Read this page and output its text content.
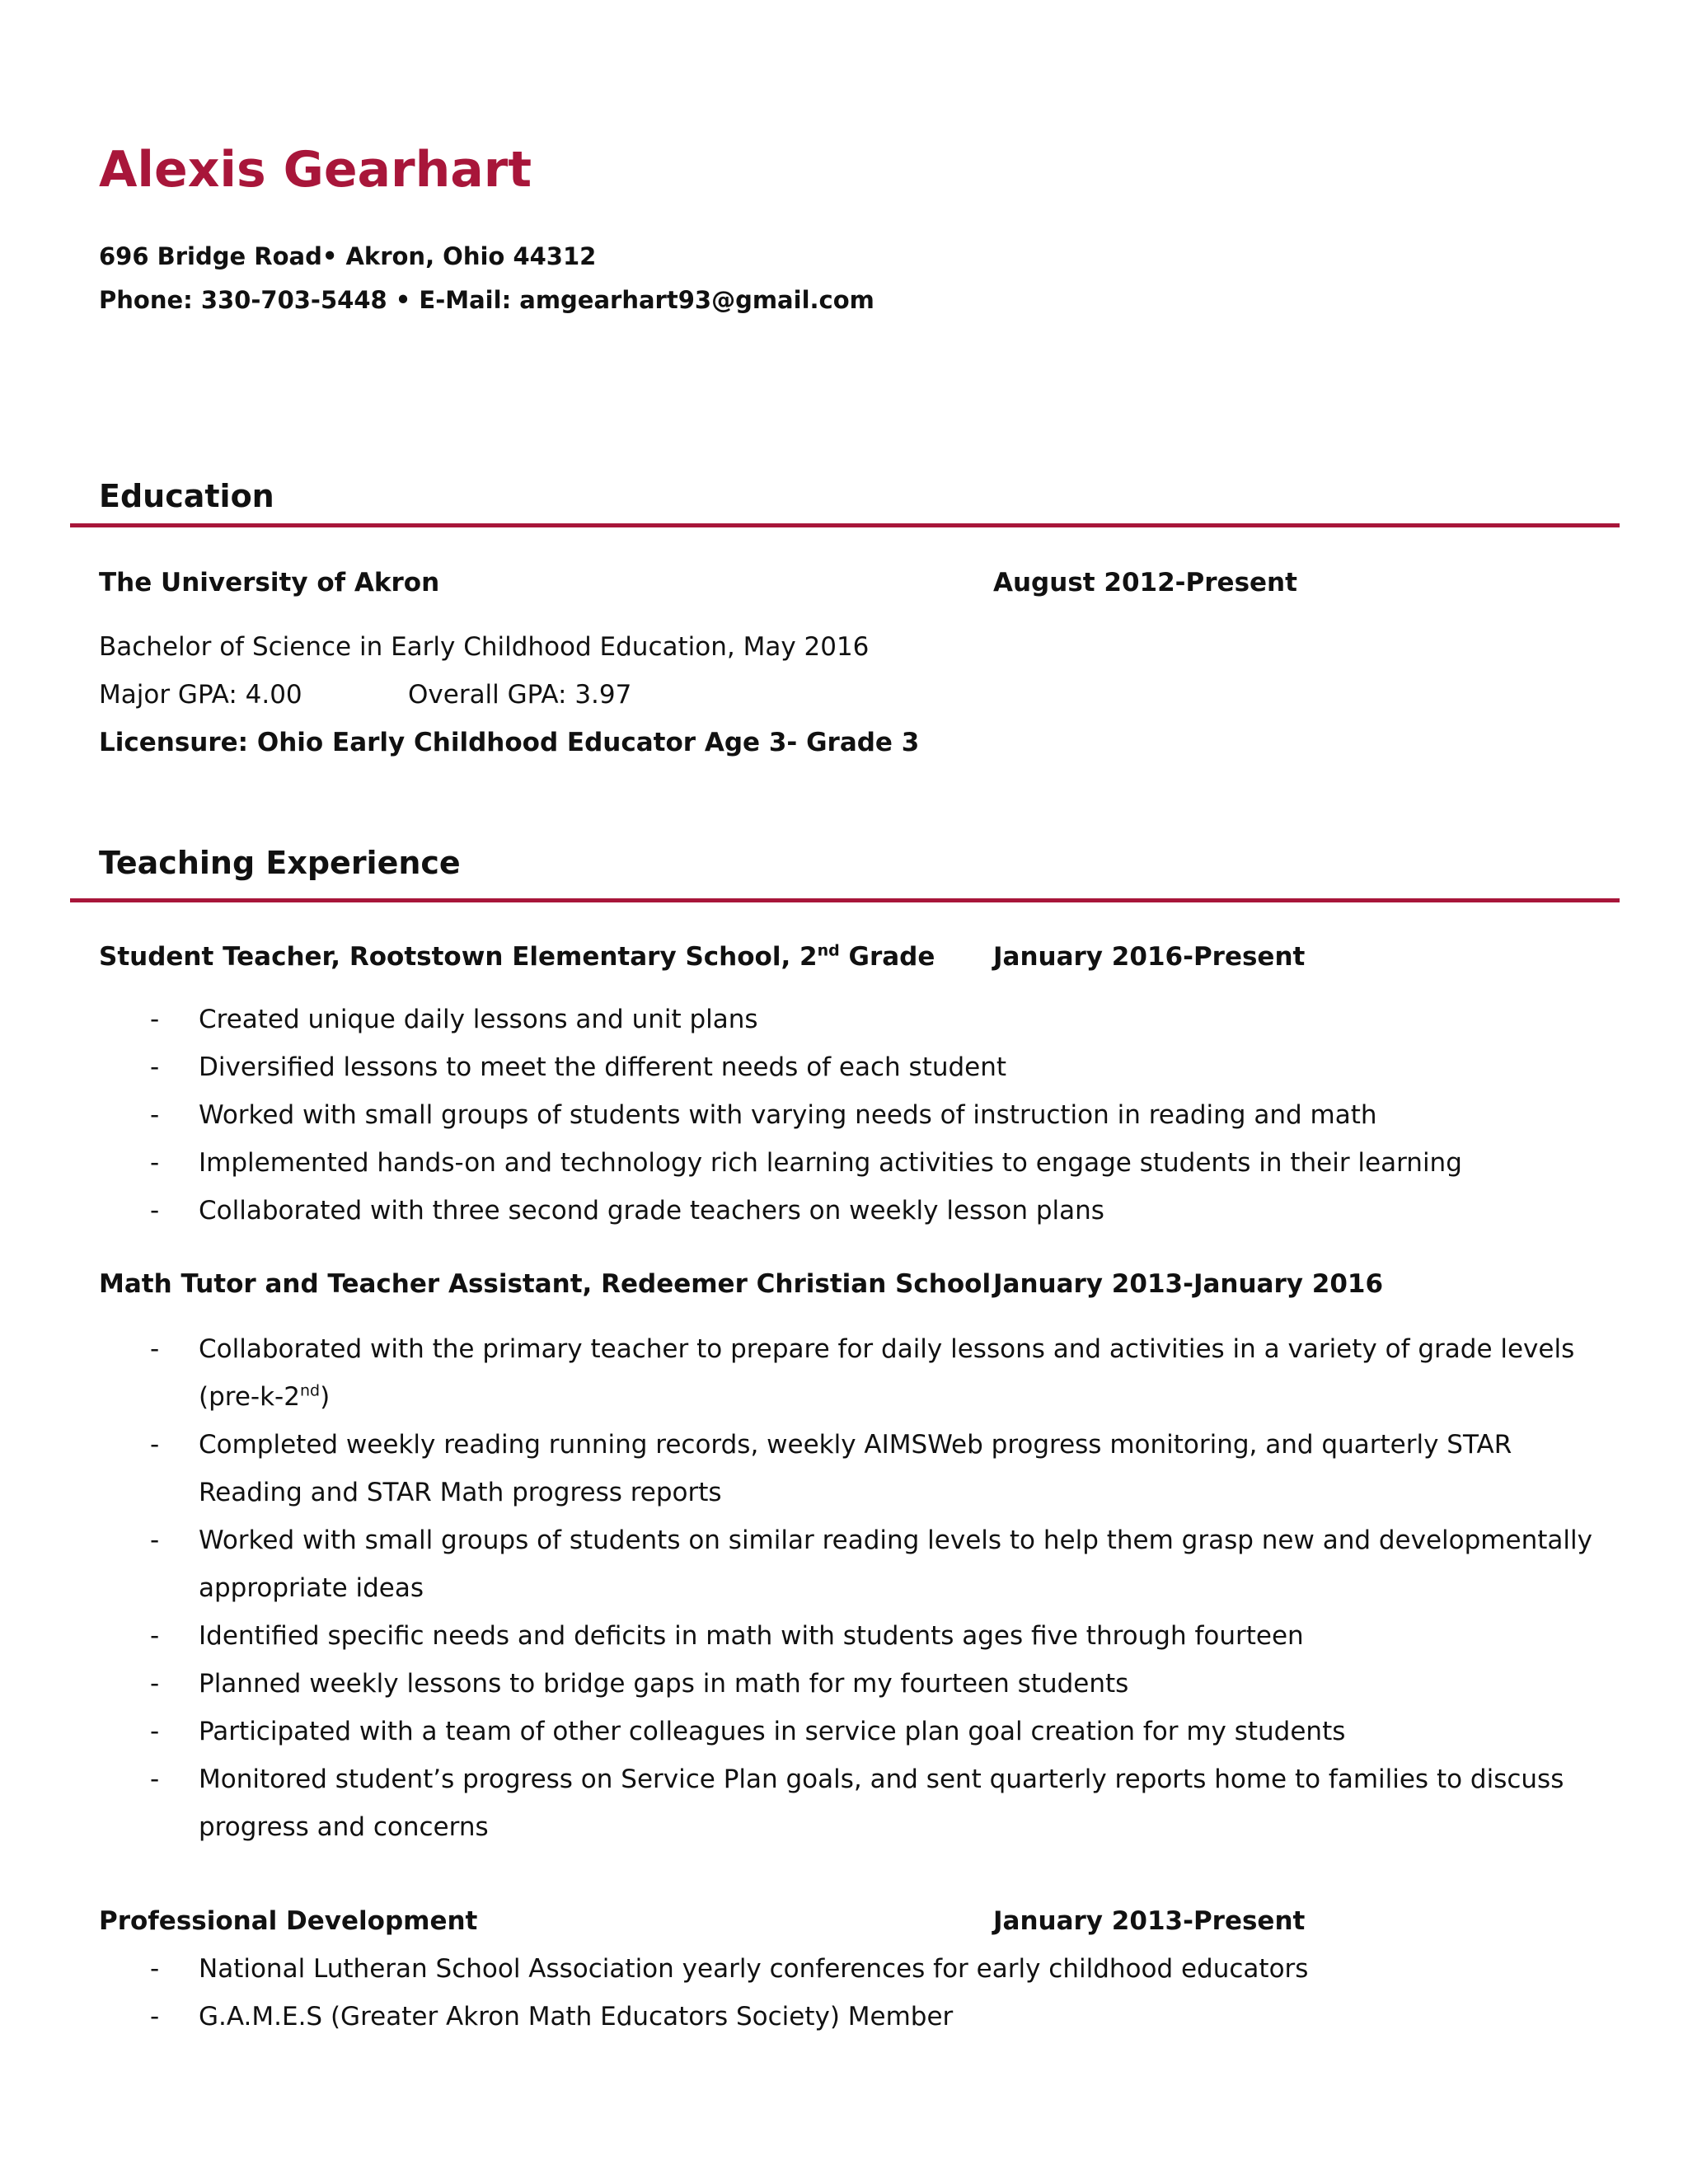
Alexis Gearhart
696 Bridge Road• Akron, Ohio 44312
Phone: 330-703-5448 • E-Mail: amgearhart93@gmail.com
Education
The University of Akron	August 2012-Present
Bachelor of Science in Early Childhood Education, May 2016
Major GPA: 4.00	Overall GPA: 3.97
Licensure: Ohio Early Childhood Educator Age 3- Grade 3
Teaching Experience
Student Teacher, Rootstown Elementary School, 2nd Grade January 2016-Present
- Created unique daily lessons and unit plans
- Diversified lessons to meet the different needs of each student
- Worked with small groups of students with varying needs of instruction in reading and math
- Implemented hands-on and technology rich learning activities to engage students in their learning
- Collaborated with three second grade teachers on weekly lesson plans
Math Tutor and Teacher Assistant, Redeemer Christian School January 2013-January 2016
- Collaborated with the primary teacher to prepare for daily lessons and activities in a variety of grade levels
(pre-k-2nd)
- Completed weekly reading running records, weekly AIMSWeb progress monitoring, and quarterly STAR Reading and STAR Math progress reports
- Worked with small groups of students on similar reading levels to help them grasp new and developmentally appropriate ideas
- Identified specific needs and deficits in math with students ages five through fourteen
- Planned weekly lessons to bridge gaps in math for my fourteen students
- Participated with a team of other colleagues in service plan goal creation for my students
- Monitored student’s progress on Service Plan goals, and sent quarterly reports home to families to discuss progress and concerns
Professional Development	January 2013-Present
- National Lutheran School Association yearly conferences for early childhood educators
- G.A.M.E.S (Greater Akron Math Educators Society) Member
